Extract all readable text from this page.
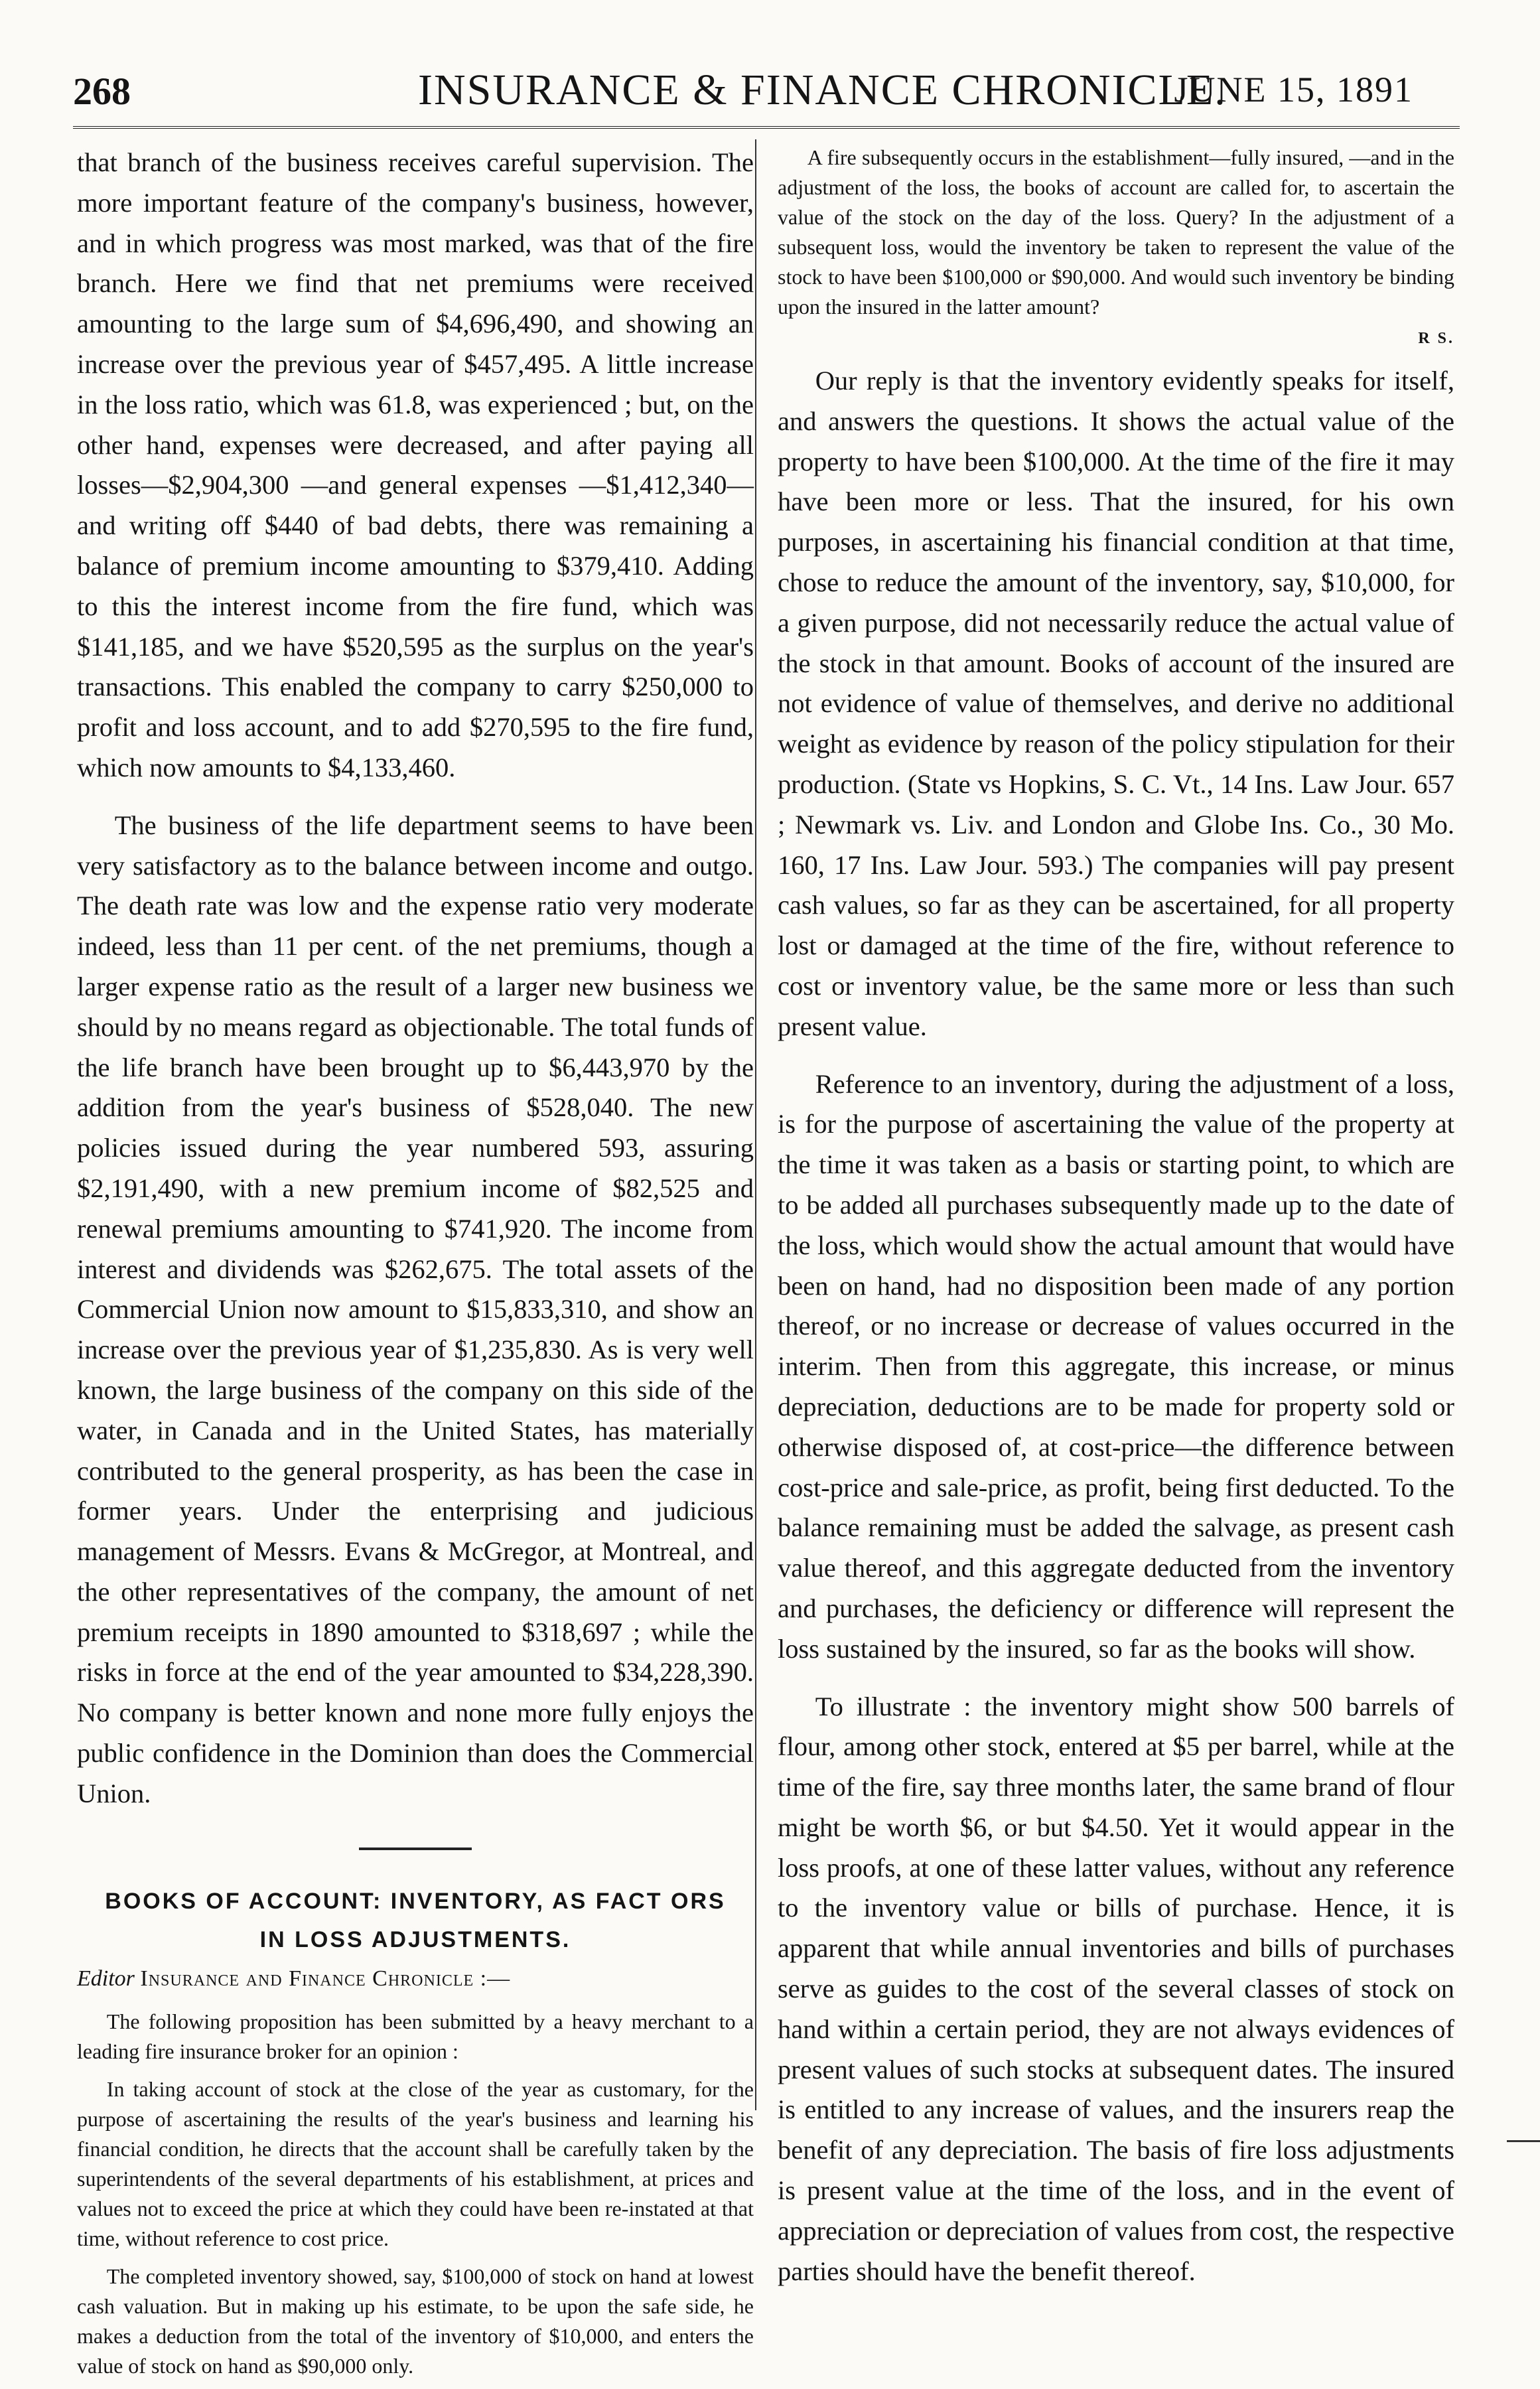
268	INSURANCE & FINANCE CHRONICLE.
JUNE 15, 1891

that branch of the business receives careful supervision. The more important feature of the company's business, however, and in which progress was most marked, was that of the fire branch. Here we find that net premiums were received amounting to the large sum of $4,696,490, and showing an increase over the previous year of $457,495. A little increase in the loss ratio, which was 61.8, was experienced ; but, on the other hand, expenses were decreased, and after paying all losses—$2,904,300 —and general expenses —$1,412,340—and writing off $440 of bad debts, there was remaining a balance of premium income amounting to $379,410. Adding to this the interest income from the fire fund, which was $141,185, and we have $520,595 as the surplus on the year's transactions. This enabled the company to carry $250,000 to profit and loss account, and to add $270,595 to the fire fund, which now amounts to $4,133,460.

The business of the life department seems to have been very satisfactory as to the balance between income and outgo. The death rate was low and the expense ratio very moderate indeed, less than 11 per cent. of the net premiums, though a larger expense ratio as the result of a larger new business we should by no means regard as objectionable. The total funds of the life branch have been brought up to $6,443,970 by the addition from the year's business of $528,040. The new policies issued during the year numbered 593, assuring $2,191,490, with a new premium income of $82,525 and renewal premiums amounting to $741,920. The income from interest and dividends was $262,675. The total assets of the Commercial Union now amount to $15,833,310, and show an increase over the previous year of $1,235,830. As is very well known, the large business of the company on this side of the water, in Canada and in the United States, has materially contributed to the general prosperity, as has been the case in former years. Under the enterprising and judicious management of Messrs. Evans & McGregor, at Montreal, and the other representatives of the company, the amount of net premium receipts in 1890 amounted to $318,697 ; while the risks in force at the end of the year amounted to $34,228,390. No company is better known and none more fully enjoys the public confidence in the Dominion than does the Commercial Union.

BOOKS OF ACCOUNT: INVENTORY, AS FACT ORS

IN LOSS ADJUSTMENTS.

Editor Insurance and Finance Chronicle :—

The following proposition has been submitted by a heavy merchant to a leading fire insurance broker for an opinion :

In taking account of stock at the close of the year as customary, for the purpose of ascertaining the results of the year's business and learning his financial condition, he directs that the account shall be carefully taken by the superintendents of the several departments of his establishment, at prices and values not to exceed the price at which they could have been re-instated at that time, without reference to cost price.

The completed inventory showed, say, $100,000 of stock on hand at lowest cash valuation. But in making up his estimate, to be upon the safe side, he makes a deduction from the total of the inventory of $10,000, and enters the value of stock on hand as $90,000 only.

A fire subsequently occurs in the establishment—fully insured, —and in the adjustment of the loss, the books of account are called for, to ascertain the value of the stock on the day of the loss. Query? In the adjustment of a subsequent loss, would the inventory be taken to represent the value of the stock to have been $100,000 or $90,000. And would such inventory be binding upon the insured in the latter amount?

R S.

Our reply is that the inventory evidently speaks for itself, and answers the questions. It shows the actual value of the property to have been $100,000. At the time of the fire it may have been more or less. That the insured, for his own purposes, in ascertaining his financial condition at that time, chose to reduce the amount of the inventory, say, $10,000, for a given purpose, did not necessarily reduce the actual value of the stock in that amount. Books of account of the insured are not evidence of value of themselves, and derive no additional weight as evidence by reason of the policy stipulation for their production. (State vs Hopkins, S. C. Vt., 14 Ins. Law Jour. 657 ; Newmark vs. Liv. and London and Globe Ins. Co., 30 Mo. 160, 17 Ins. Law Jour. 593.) The companies will pay present cash values, so far as they can be ascertained, for all property lost or damaged at the time of the fire, without reference to cost or inventory value, be the same more or less than such present value.

Reference to an inventory, during the adjustment of a loss, is for the purpose of ascertaining the value of the property at the time it was taken as a basis or starting point, to which are to be added all purchases subsequently made up to the date of the loss, which would show the actual amount that would have been on hand, had no disposition been made of any portion thereof, or no increase or decrease of values occurred in the interim. Then from this aggregate, this increase, or minus depreciation, deductions are to be made for property sold or otherwise disposed of, at cost-price—the difference between cost-price and sale-price, as profit, being first deducted. To the balance remaining must be added the salvage, as present cash value thereof, and this aggregate deducted from the inventory and purchases, the deficiency or difference will represent the loss sustained by the insured, so far as the books will show.

To illustrate : the inventory might show 500 barrels of flour, among other stock, entered at $5 per barrel, while at the time of the fire, say three months later, the same brand of flour might be worth $6, or but $4.50. Yet it would appear in the loss proofs, at one of these latter values, without any reference to the inventory value or bills of purchase. Hence, it is apparent that while annual inventories and bills of purchases serve as guides to the cost of the several classes of stock on hand within a certain period, they are not always evidences of present values of such stocks at subsequent dates. The insured is entitled to any increase of values, and the insurers reap the benefit of any depreciation. The basis of fire loss adjustments is present value at the time of the loss, and in the event of appreciation or depreciation of values from cost, the respective parties should have the benefit thereof.
